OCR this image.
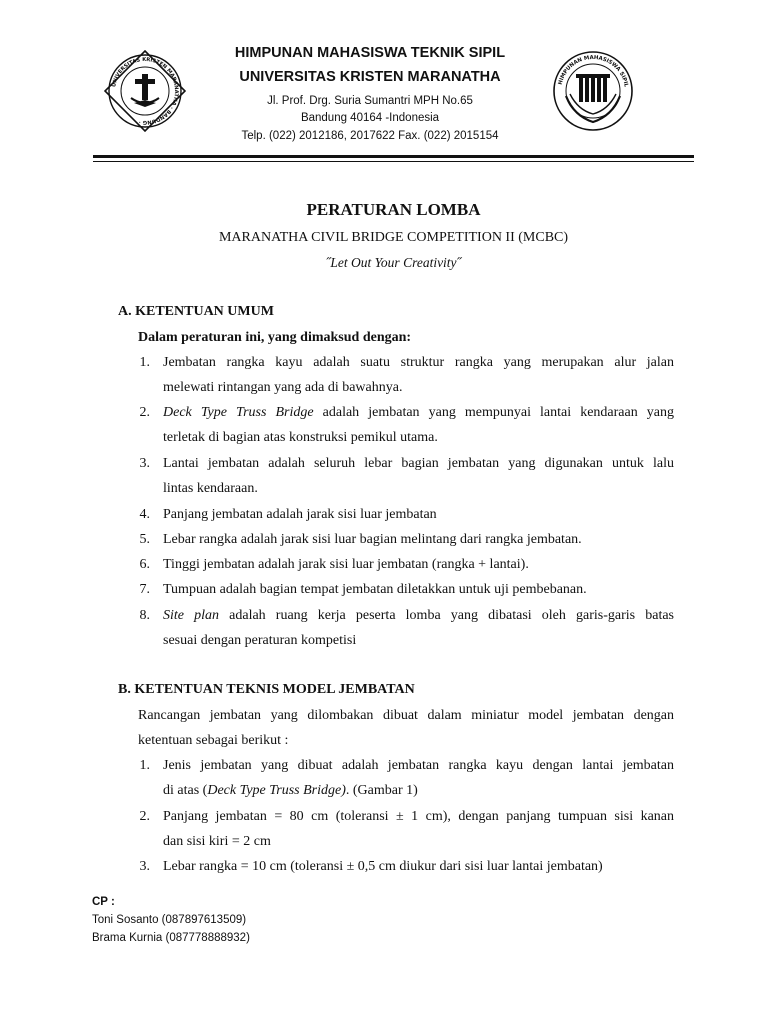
UNIVERSITAS KRISTEN MARANATHA · BANDUNG ·
HIMPUNAN MAHASISWA TEKNIK SIPIL
UNIVERSITAS KRISTEN MARANATHA
Jl. Prof. Drg. Suria Sumantri MPH No.65
Bandung 40164 -Indonesia
Telp. (022) 2012186, 2017622 Fax. (022) 2015154
HIMPUNAN MAHASISWA SIPIL
PERATURAN LOMBA
MARANATHA CIVIL BRIDGE COMPETITION II (MCBC)
˝Let Out Your Creativity˝
A. KETENTUAN UMUM
Dalam peraturan ini, yang dimaksud dengan:
1. Jembatan rangka kayu adalah suatu struktur rangka yang merupakan alur jalan
melewati rintangan yang ada di bawahnya.
2. Deck Type Truss Bridge adalah jembatan yang mempunyai lantai kendaraan yang
terletak di bagian atas konstruksi pemikul utama.
3. Lantai jembatan adalah seluruh lebar bagian jembatan yang digunakan untuk lalu
lintas kendaraan.
4. Panjang jembatan adalah jarak sisi luar jembatan
5. Lebar rangka adalah jarak sisi luar bagian melintang dari rangka jembatan.
6. Tinggi jembatan adalah jarak sisi luar jembatan (rangka + lantai).
7. Tumpuan adalah bagian tempat jembatan diletakkan untuk uji pembebanan.
8. Site plan adalah ruang kerja peserta lomba yang dibatasi oleh garis-garis batas
sesuai dengan peraturan kompetisi
B. KETENTUAN TEKNIS MODEL JEMBATAN
Rancangan jembatan yang dilombakan dibuat dalam miniatur model jembatan dengan
ketentuan sebagai berikut :
1. Jenis jembatan yang dibuat adalah jembatan rangka kayu dengan lantai jembatan
di atas (Deck Type Truss Bridge). (Gambar 1)
2. Panjang jembatan = 80 cm (toleransi ± 1 cm), dengan panjang tumpuan sisi kanan
dan sisi kiri = 2 cm
3. Lebar rangka = 10 cm (toleransi ± 0,5 cm diukur dari sisi luar lantai jembatan)
CP :
Toni Sosanto (087897613509)
Brama Kurnia (087778888932)
